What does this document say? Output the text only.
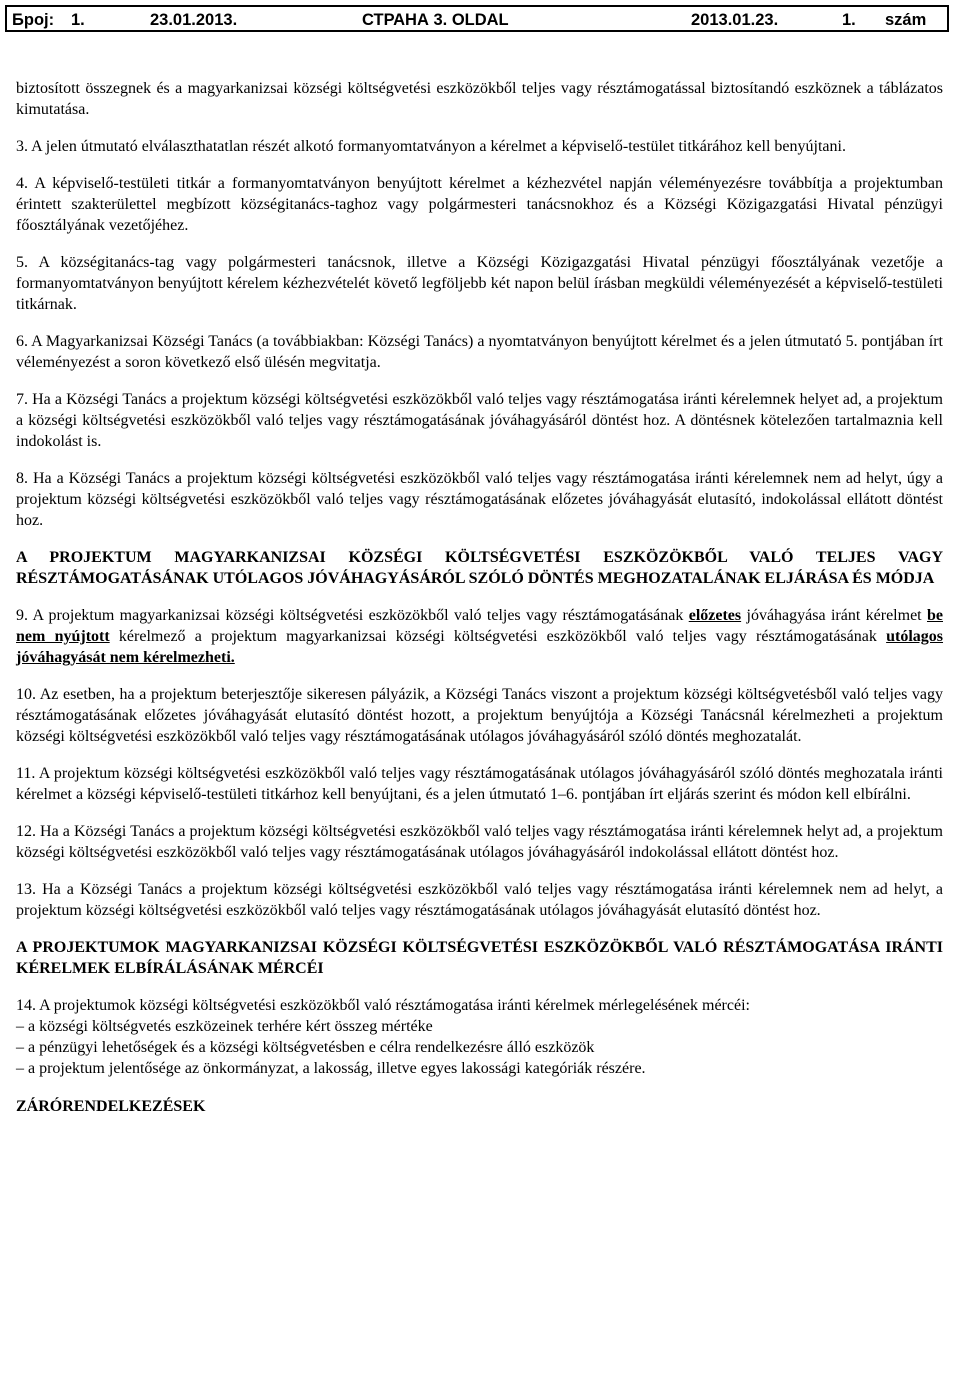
Број: 1.	23.01.2013.	СТРАНА 3. OLDAL	2013.01.23.	1. szám

biztosított összegnek és a magyarkanizsai községi költségvetési eszközökből teljes vagy résztámogatással biztosítandó eszköznek a táblázatos kimutatása.

3. A jelen útmutató elválaszthatatlan részét alkotó formanyomtatványon a kérelmet a képviselő-testület titkárához kell benyújtani.

4. A képviselő-testületi titkár a formanyomtatványon benyújtott kérelmet a kézhezvétel napján véleményezésre továbbítja a projektumban érintett szakterülettel megbízott községitanács-taghoz vagy polgármesteri tanácsnokhoz és a Községi Közigazgatási Hivatal pénzügyi főosztályának vezetőjéhez.

5. A községitanács-tag vagy polgármesteri tanácsnok, illetve a Községi Közigazgatási Hivatal pénzügyi főosztályának vezetője a formanyomtatványon benyújtott kérelem kézhezvételét követő legföljebb két napon belül írásban megküldi véleményezését a képviselő-testületi titkárnak.

6. A Magyarkanizsai Községi Tanács (a továbbiakban: Községi Tanács) a nyomtatványon benyújtott kérelmet és a jelen útmutató 5. pontjában írt véleményezést a soron következő első ülésén megvitatja.

7. Ha a Községi Tanács a projektum községi költségvetési eszközökből való teljes vagy résztámogatása iránti kérelemnek helyet ad, a projektum a községi költségvetési eszközökből való teljes vagy résztámogatásának jóváhagyásáról döntést hoz. A döntésnek kötelezően tartalmaznia kell indokolást is.

8. Ha a Községi Tanács a projektum községi költségvetési eszközökből való teljes vagy résztámogatása iránti kérelemnek nem ad helyt, úgy a projektum községi költségvetési eszközökből való teljes vagy résztámogatásának előzetes jóváhagyását elutasító, indokolással ellátott döntést hoz.

A PROJEKTUM MAGYARKANIZSAI KÖZSÉGI KÖLTSÉGVETÉSI ESZKÖZÖKBŐL VALÓ TELJES VAGY RÉSZTÁMOGATÁSÁNAK UTÓLAGOS JÓVÁHAGYÁSÁRÓL SZÓLÓ DÖNTÉS MEGHOZATALÁNAK ELJÁRÁSA ÉS MÓDJA

9. A projektum magyarkanizsai községi költségvetési eszközökből való teljes vagy résztámogatásának előzetes jóváhagyása iránt kérelmet be nem nyújtott kérelmező a projektum magyarkanizsai községi költségvetési eszközökből való teljes vagy résztámogatásának utólagos jóváhagyását nem kérelmezheti.

10. Az esetben, ha a projektum beterjesztője sikeresen pályázik, a Községi Tanács viszont a projektum községi költségvetésből való teljes vagy résztámogatásának előzetes jóváhagyását elutasító döntést hozott, a projektum benyújtója a Községi Tanácsnál kérelmezheti a projektum községi költségvetési eszközökből való teljes vagy résztámogatásának utólagos jóváhagyásáról szóló döntés meghozatalát.

11. A projektum községi költségvetési eszközökből való teljes vagy résztámogatásának utólagos jóváhagyásáról szóló döntés meghozatala iránti kérelmet a községi képviselő-testületi titkárhoz kell benyújtani, és a jelen útmutató 1–6. pontjában írt eljárás szerint és módon kell elbírálni.

12. Ha a Községi Tanács a projektum községi költségvetési eszközökből való teljes vagy résztámogatása iránti kérelemnek helyt ad, a projektum községi költségvetési eszközökből való teljes vagy résztámogatásának utólagos jóváhagyásáról indokolással ellátott döntést hoz.

13. Ha a Községi Tanács a projektum községi költségvetési eszközökből való teljes vagy résztámogatása iránti kérelemnek nem ad helyt, a projektum községi költségvetési eszközökből való teljes vagy résztámogatásának utólagos jóváhagyását elutasító döntést hoz.

A PROJEKTUMOK MAGYARKANIZSAI KÖZSÉGI KÖLTSÉGVETÉSI ESZKÖZÖKBŐL VALÓ RÉSZTÁMOGATÁSA IRÁNTI KÉRELMEK ELBÍRÁLÁSÁNAK MÉRCÉI

14. A projektumok községi költségvetési eszközökből való résztámogatása iránti kérelmek mérlegelésének mércéi:

– a községi költségvetés eszközeinek terhére kért összeg mértéke

– a pénzügyi lehetőségek és a községi költségvetésben e célra rendelkezésre álló eszközök

– a projektum jelentősége az önkormányzat, a lakosság, illetve egyes lakossági kategóriák részére.

ZÁRÓRENDELKEZÉSEK
